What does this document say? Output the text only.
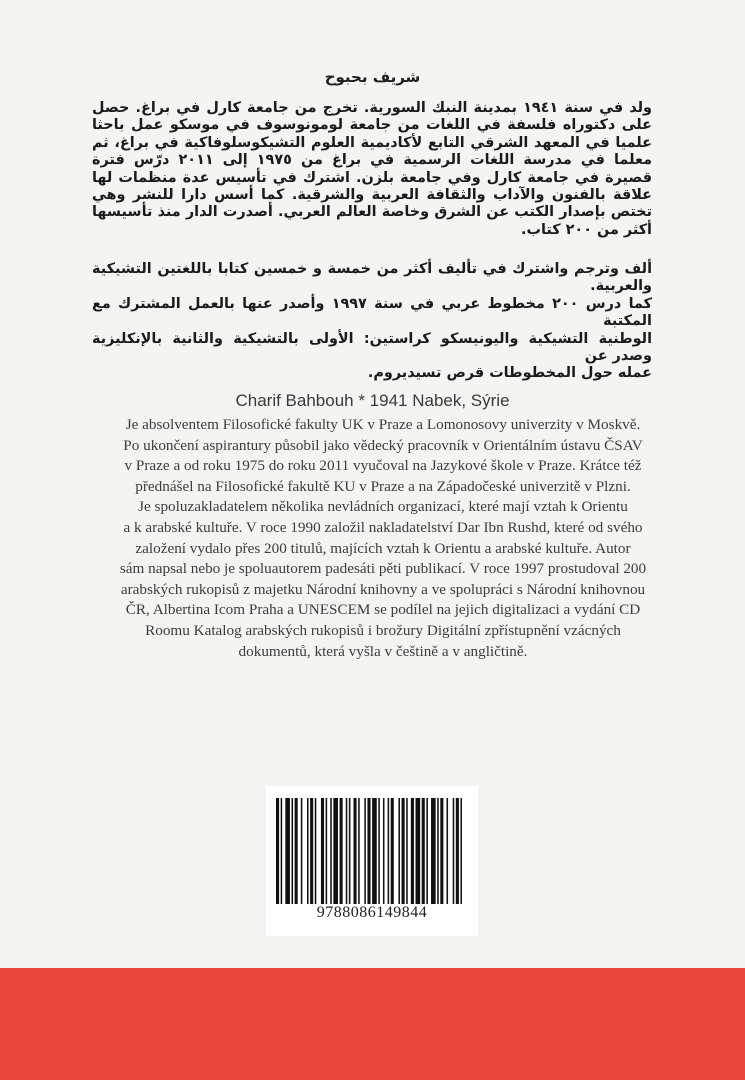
شريف بحبوح
ولد في سنة ١٩٤١ بمدينة النبك السورية. تخرج من جامعة كارل في براغ. حصل على دكتوراه فلسفة في اللغات من جامعة لومونوسوف في موسكو عمل باحثا علميا في المعهد الشرقي التابع لأكاديمية العلوم التشيكوسلوفاكية في براغ، ثم معلما في مدرسة اللغات الرسمية في براغ من ١٩٧٥ إلى ٢٠١١ درّس فترة قصيرة في جامعة كارل وفي جامعة بلزن. اشترك في تأسيس عدة منظمات لها علاقة بالفنون والآداب والثقافة العربية والشرقية. كما أسس دارا للنشر وهي تختص بإصدار الكتب عن الشرق وخاصة العالم العربي. أصدرت الدار منذ تأسيسها أكثر من ٢٠٠ كتاب.
ألف وترجم واشترك في تأليف أكثر من خمسة و خمسين كتابا باللغتين التشيكية والعربية.
كما درس ٢٠٠ مخطوط عربي في سنة ١٩٩٧ وأصدر عنها بالعمل المشترك مع المكتبة
الوطنية التشيكية واليونيسكو كراستين: الأولى بالتشيكية والثانية بالإنكليزية وصدر عن
عمله حول المخطوطات قرص تسيديروم.
Charif Bahbouh * 1941 Nabek, Sýrie
Je absolventem Filosofické fakulty UK v Praze a Lomonosovy univerzity v Moskvě.
Po ukončení aspirantury působil jako vědecký pracovník v Orientálním ústavu ČSAV
v Praze a od roku 1975 do roku 2011 vyučoval na Jazykové škole v Praze. Krátce též
přednášel na Filosofické fakultě KU v Praze a na Západočeské univerzitě v Plzni.
Je spoluzakladatelem několika nevládních organizací, které mají vztah k Orientu
a k arabské kultuře. V roce 1990 založil nakladatelství Dar Ibn Rushd, které od svého
založení vydalo přes 200 titulů, majících vztah k Orientu a arabské kultuře. Autor
sám napsal nebo je spoluautorem padesáti pěti publikací. V roce 1997 prostudoval 200
arabských rukopisů z majetku Národní knihovny a ve spolupráci s Národní knihovnou
ČR, Albertina Icom Praha a UNESCEM se podílel na jejich digitalizaci a vydání CD
Roomu Katalog arabských rukopisů i brožury Digitální zpřístupnění vzácných
dokumentů, která vyšla v češtině a v angličtině.
9788086149844
